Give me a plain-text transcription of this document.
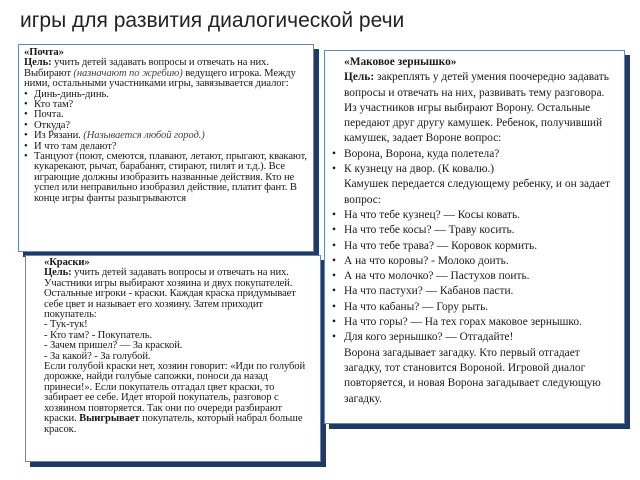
игры для развития диалогической речи

«Почта»

Цель: учить детей задавать вопросы и отвечать на них.

Выбирают (назначают по жребию) ведущего игрока. Между ними, остальными участниками игры, завязывается диалог:

• Динь-динь-динь.
• Кто там?
• Почта.
• Откуда?
• Из Рязани. (Называется любой город.)
• И что там делают?
• Танцуют (поют, смеются, плавают, летают, прыгают, квакают, кукарекают, рычат, барабанят, стирают, пилят и т.д.). Все играющие должны изобразить названные действия. Кто не успел или неправильно изобразил действие, платит фант. В конце игры фанты разыгрываются

«Краски»

Цель: учить детей задавать вопросы и отвечать на них.

Участники игры выбирают хозяина и двух покупателей. Остальные игроки - краски. Каждая краска придумывает себе цвет и называет его хозяину. Затем приходит покупатель:

- Тук-тук!

- Кто там? - Покупатель.

- Зачем пришел? — За краской.

- За какой? - За голубой.

Если голубой краски нет, хозяин говорит: «Иди по голубой дорожке, найди голубые сапожки, поноси да назад принеси!». Если покупатель отгадал цвет краски, то забирает ее себе. Идет второй покупатель, разговор с хозяином повторяется. Так они по очереди разбирают краски. Выигрывает покупатель, который набрал больше красок.

«Маковое зернышко»

Цель: закреплять у детей умения поочередно задавать вопросы и отвечать на них, развивать тему разговора.

Из участников игры выбирают Ворону. Остальные передают друг другу камушек. Ребенок, получивший камушек, задает Вороне вопрос:

• Ворона, Ворона, куда полетела?
• К кузнецу на двор. (К ковалю.)

Камушек передается следующему ребенку, и он задает вопрос:

• На что тебе кузнец? — Косы ковать.
• На что тебе косы? — Траву косить.
• На что тебе трава? — Коровок кормить.
• А на что коровы? - Молоко доить.
• А на что молочко? — Пастухов поить.
• На что пастухи? — Кабанов пасти.
• На что кабаны? — Гору рыть.
• На что горы? — На тех горах маковое зернышко.
• Для кого зернышко? — Отгадайте!

Ворона загадывает загадку. Кто первый отгадает загадку, тот становится Вороной. Игровой диалог повторяется, и новая Ворона загадывает следующую загадку.
